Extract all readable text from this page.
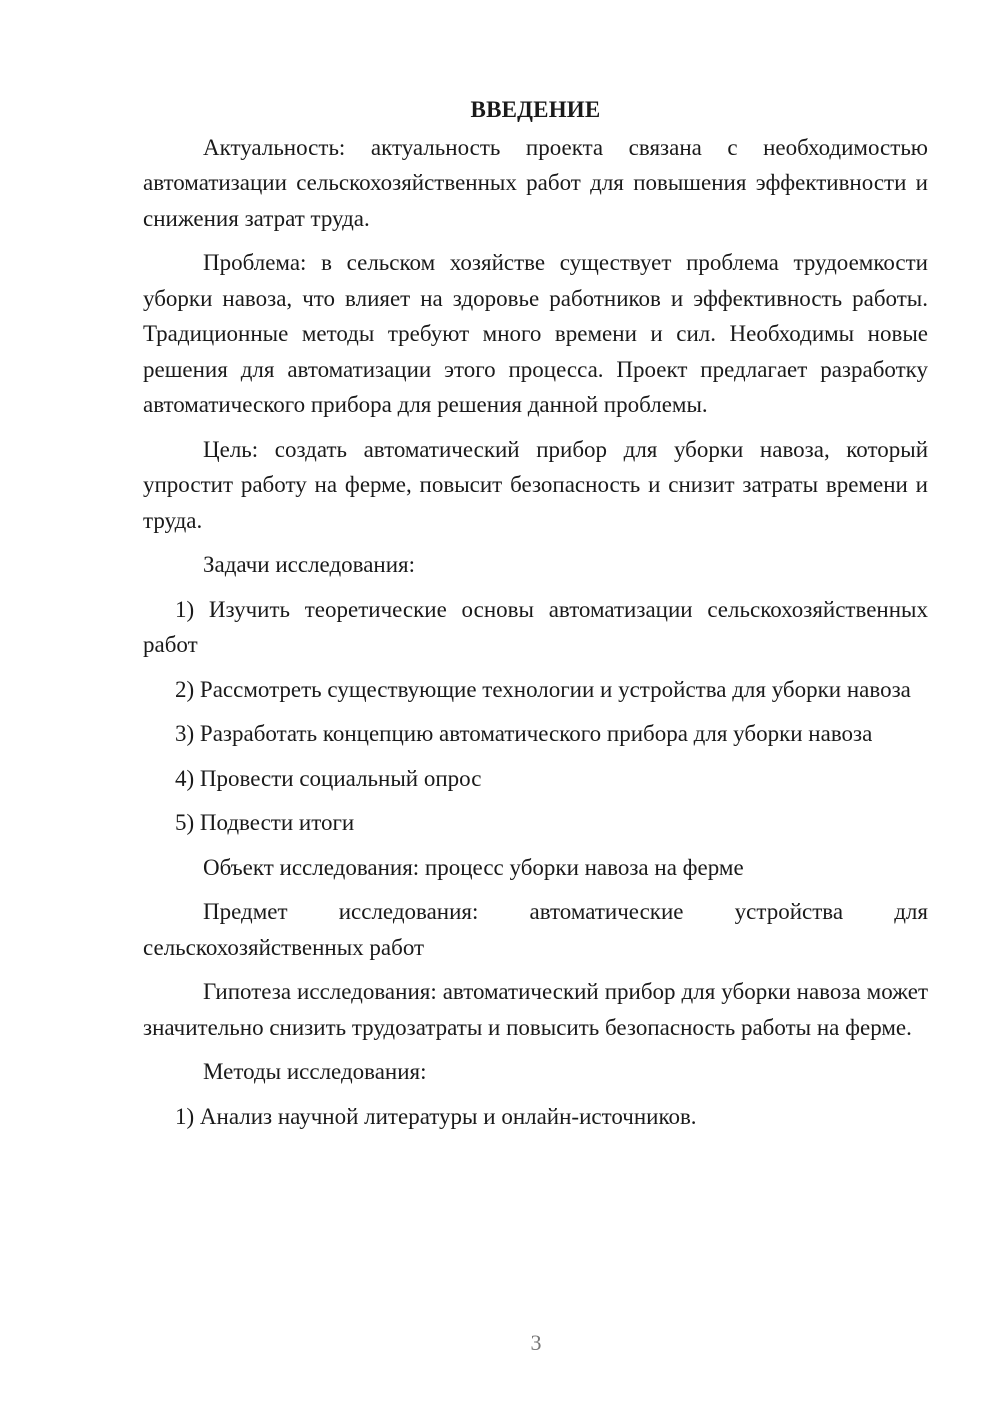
ВВЕДЕНИЕ

Актуальность: актуальность проекта связана с необходимостью автоматизации сельскохозяйственных работ для повышения эффективности и снижения затрат труда.

Проблема: в сельском хозяйстве существует проблема трудоемкости уборки навоза, что влияет на здоровье работников и эффективность работы. Традиционные методы требуют много времени и сил. Необходимы новые решения для автоматизации этого процесса. Проект предлагает разработку автоматического прибора для решения данной проблемы.

Цель: создать автоматический прибор для уборки навоза, который упростит работу на ферме, повысит безопасность и снизит затраты времени и труда.

Задачи исследования:

1) Изучить теоретические основы автоматизации сельскохозяйственных работ

2) Рассмотреть существующие технологии и устройства для уборки навоза

3) Разработать концепцию автоматического прибора для уборки навоза

4) Провести социальный опрос

5) Подвести итоги

Объект исследования: процесс уборки навоза на ферме

Предмет исследования: автоматические устройства для сельскохозяйственных работ

Гипотеза исследования: автоматический прибор для уборки навоза может значительно снизить трудозатраты и повысить безопасность работы на ферме.

Методы исследования:

1) Анализ научной литературы и онлайн-источников.

3
